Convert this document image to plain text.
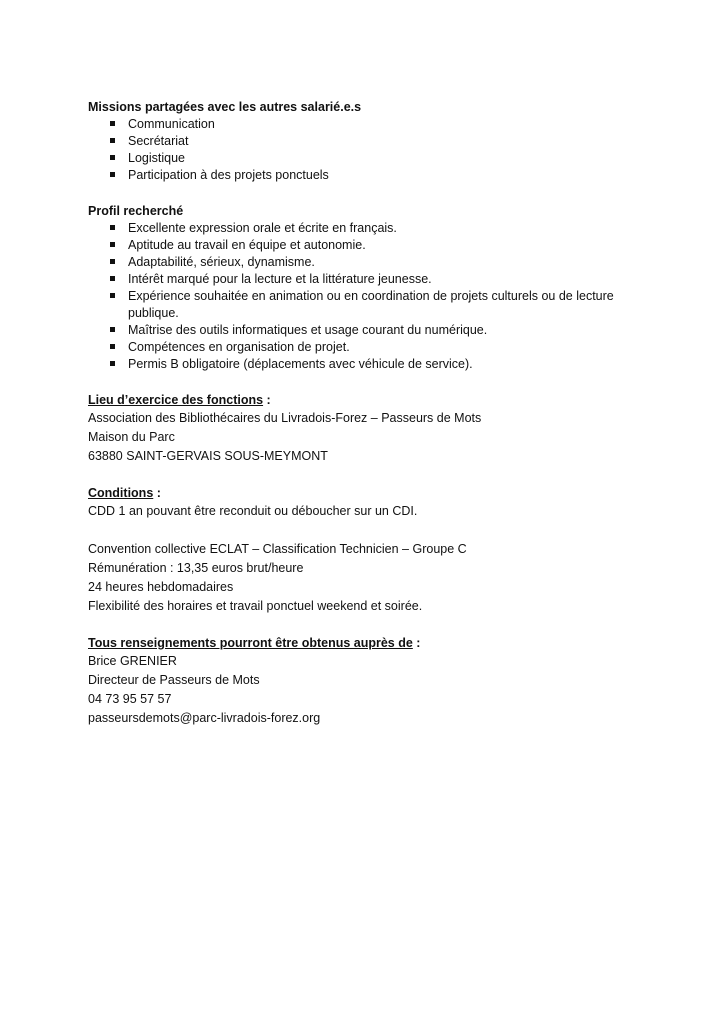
Missions partagées avec les autres salarié.e.s

Communication
Secrétariat
Logistique
Participation à des projets ponctuels

Profil recherché

Excellente expression orale et écrite en français.
Aptitude au travail en équipe et autonomie.
Adaptabilité, sérieux, dynamisme.
Intérêt marqué pour la lecture et la littérature jeunesse.
Expérience souhaitée en animation ou en coordination de projets culturels ou de lecture publique.
Maîtrise des outils informatiques et usage courant du numérique.
Compétences en organisation de projet.
Permis B obligatoire (déplacements avec véhicule de service).

Lieu d’exercice des fonctions :

Association des Bibliothécaires du Livradois-Forez – Passeurs de Mots

Maison du Parc

63880 SAINT-GERVAIS SOUS-MEYMONT

Conditions :

CDD 1 an pouvant être reconduit ou déboucher sur un CDI.

Convention collective ECLAT – Classification Technicien – Groupe C

Rémunération : 13,35 euros brut/heure

24 heures hebdomadaires

Flexibilité des horaires et travail ponctuel weekend et soirée.

Tous renseignements pourront être obtenus auprès de :

Brice GRENIER

Directeur de Passeurs de Mots

04 73 95 57 57

passeursdemots@parc-livradois-forez.org
